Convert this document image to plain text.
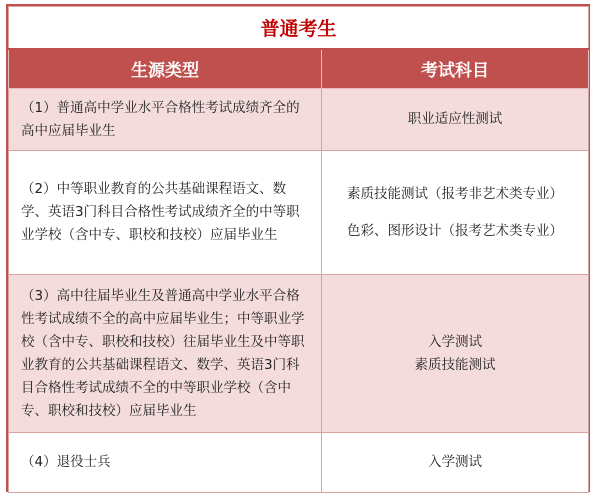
普通考生	
生源类型	考试科目
（1）普通高中学业水平合格性考试成绩齐全的高中应届毕业生	职业适应性测试

（2）中等职业教育的公共基础课程语文、数学、英语3门科目合格性考试成绩齐全的中等职业学校（含中专、职校和技校）应届毕业生	素质技能测试（报考非艺术类专业）
色彩、图形设计（报考艺术类专业）

（3）高中往届毕业生及普通高中学业水平合格性考试成绩不全的高中应届毕业生；中等职业学校（含中专、职校和技校）往届毕业生及中等职业教育的公共基础课程语文、数学、英语3门科目合格性考试成绩不全的中等职业学校（含中专、职校和技校）应届毕业生	入学测试
素质技能测试

（4）退役士兵	入学测试
